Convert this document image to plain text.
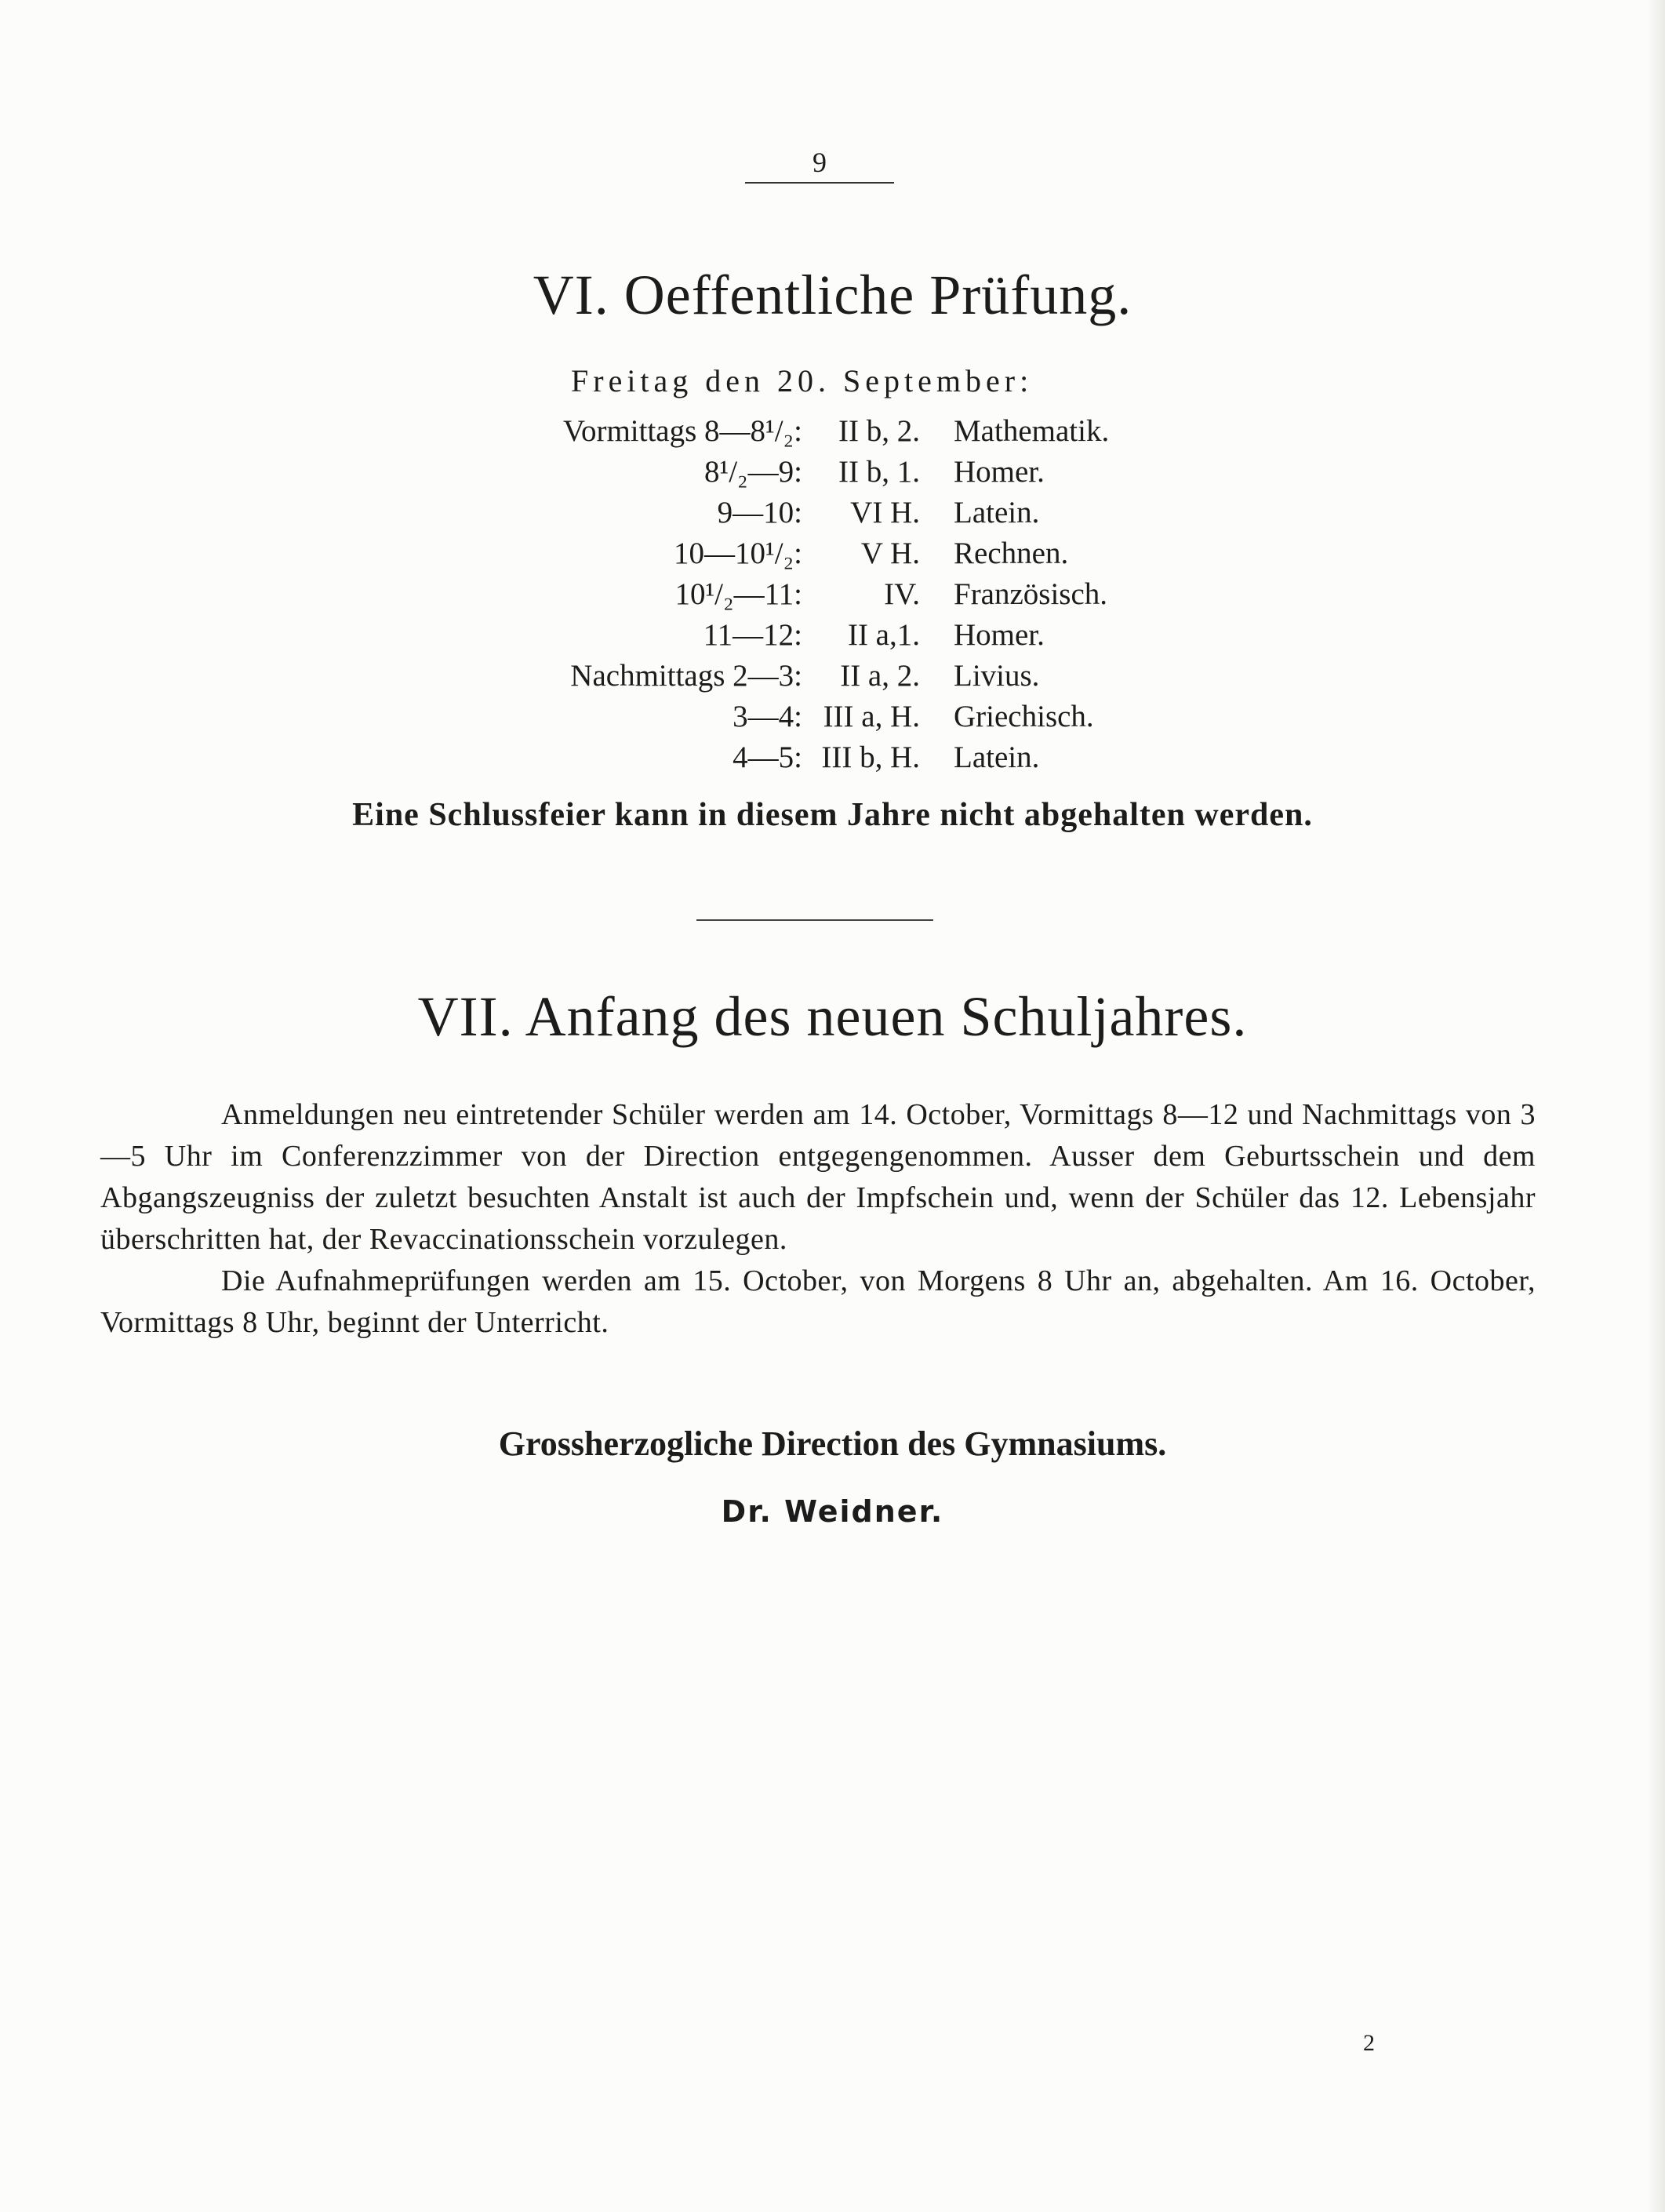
9
VI. Oeffentliche Prüfung.
Freitag den 20. September:
Vormittags 8—8¹/₂: II b, 2. Mathematik.
8¹/₂—9: II b, 1. Homer.
9—10: VI H. Latein.
10—10¹/₂: V H. Rechnen.
10¹/₂—11:	IV. Französisch.
11—12: II a,1. Homer.
Nachmittags 2—3: II a, 2. Livius.
3—4: III a, H. Griechisch.
4—5: III b, H. Latein.
Eine Schlussfeier kann in diesem Jahre nicht abgehalten werden.
VII. Anfang des neuen Schuljahres.

Anmeldungen neu eintretender Schüler werden am 14. October, Vormittags 8—12 und Nachmittags von 3—5 Uhr im Conferenzzimmer von der Direction entgegengenommen. Ausser dem Geburtsschein und dem Abgangszeugniss der zuletzt besuchten Anstalt ist auch der Impfschein und, wenn der Schüler das 12. Lebensjahr überschritten hat, der Revaccinationsschein vorzulegen.

Die Aufnahmeprüfungen werden am 15. October, von Morgens 8 Uhr an, abgehalten. Am 16. October, Vormittags 8 Uhr, beginnt der Unterricht.

Grossherzogliche Direction des Gymnasiums.
Dr. Weidner.
2
